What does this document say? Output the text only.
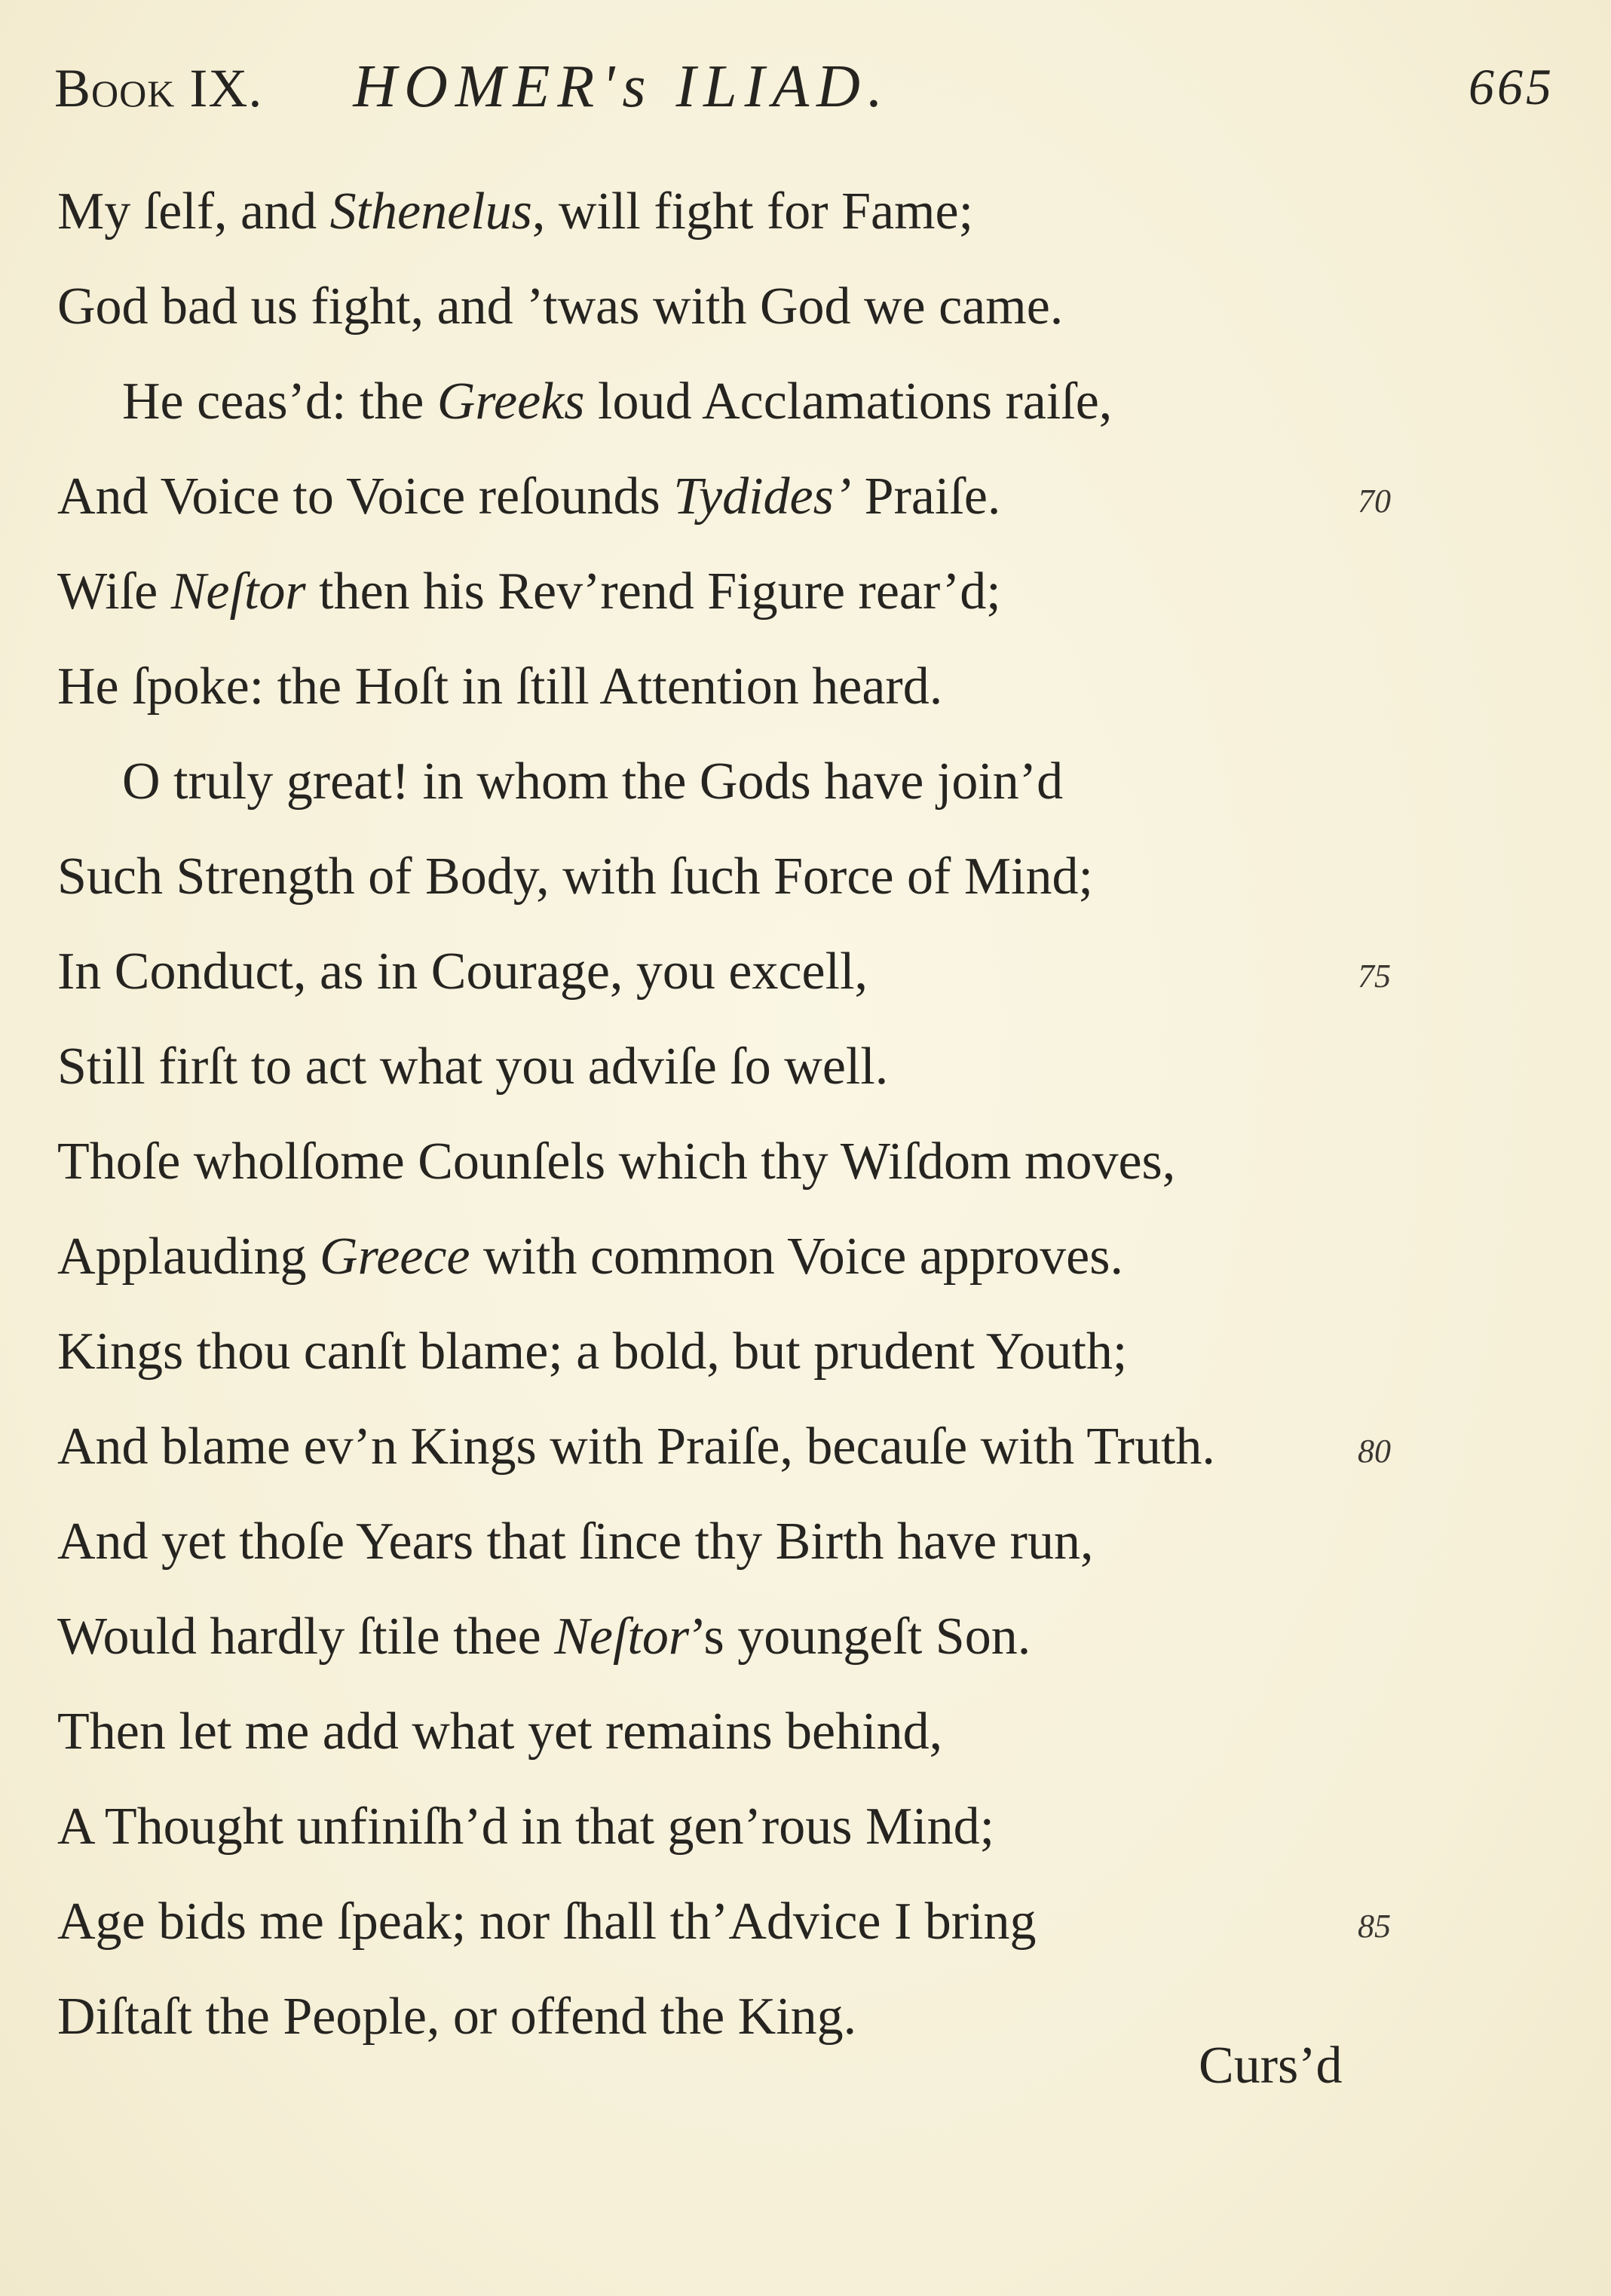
Book IX. HOMER's ILIAD.	665
My ſelf, and Sthenelus, will fight for Fame;
God bad us fight, and ’twas with God we came.
He ceas’d: the Greeks loud Acclamations raiſe,
And Voice to Voice reſounds Tydides’ Praiſe.	70
Wiſe Neſtor then his Rev’rend Figure rear’d;
He ſpoke: the Hoſt in ſtill Attention heard.
O truly great! in whom the Gods have join’d
Such Strength of Body, with ſuch Force of Mind;
In Conduct, as in Courage, you excell,	75
Still firſt to act what you adviſe ſo well.
Thoſe wholſome Counſels which thy Wiſdom moves,
Applauding Greece with common Voice approves.
Kings thou canſt blame; a bold, but prudent Youth;
And blame ev’n Kings with Praiſe, becauſe with Truth.	80
And yet thoſe Years that ſince thy Birth have run,
Would hardly ſtile thee Neſtor’s youngeſt Son.
Then let me add what yet remains behind,
A Thought unfiniſh’d in that gen’rous Mind;
Age bids me ſpeak; nor ſhall th’Advice I bring	85
Diſtaſt the People, or offend the King.
Curs’d
